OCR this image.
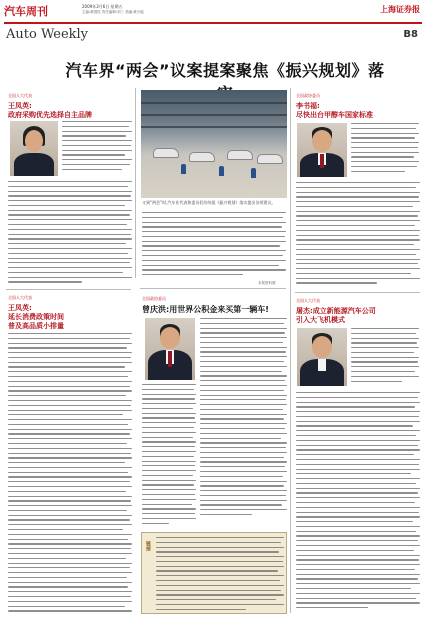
汽车周刊	2009年3月6日 星期五
主编:黄国柱 责任编辑:刘三 美编:黄小陆	上海证券报
Auto Weekly	B8
汽车界“两会”议案提案聚焦《振兴规划》落
全国人大代表
王凤英:
政府采购优先选择自主品牌
全国人大代表
王凤英:
延长消费政策时间
普及高品质小排量
又到“两会”时,汽车业代表和委员们纷纷就《振兴规划》落实提出各项建议。
本报资料图
全国政协委员
曾庆洪:用世界公积金来买第一辆车!
链接
全国政协委员
李书福:
尽快出台甲醇车国家标准
全国人大代表
屠杰:成立新能源汽车公司
引入大飞机模式
